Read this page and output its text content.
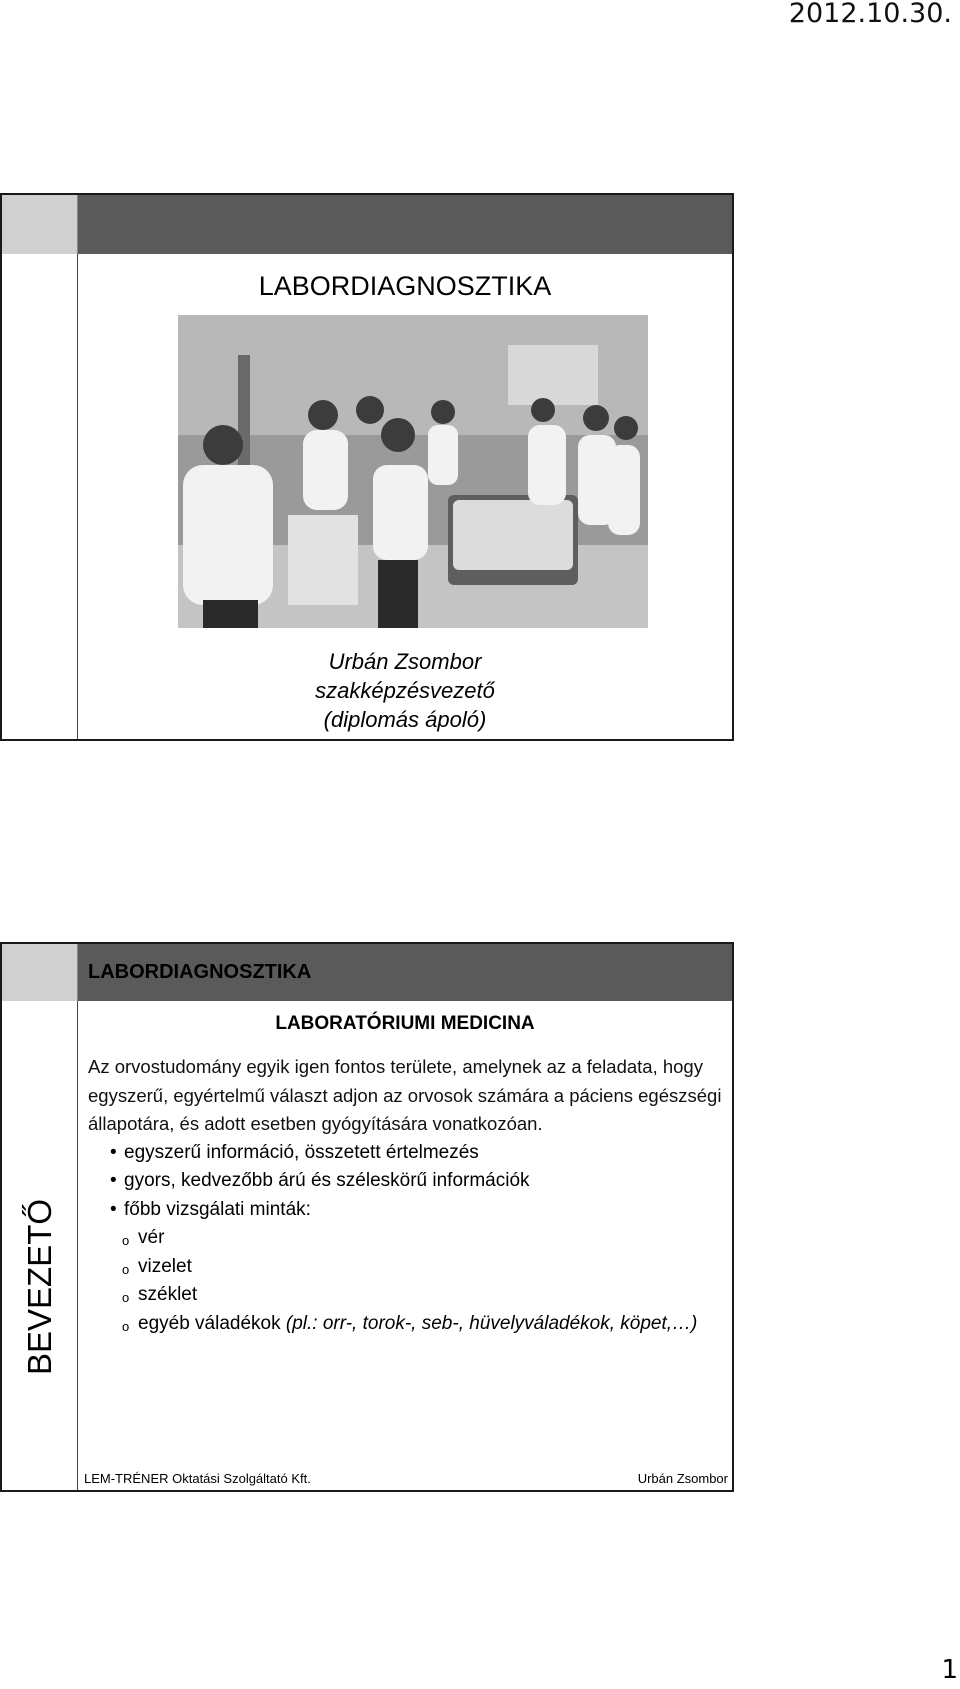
2012.10.30.
LABORDIAGNOSZTIKA
Urbán Zsombor
szakképzésvezető
(diplomás ápoló)
LABORDIAGNOSZTIKA
BEVEZETŐ
LABORATÓRIUMI MEDICINA
Az orvostudomány egyik igen fontos területe, amelynek az a feladata, hogy egyszerű, egyértelmű választ adjon az orvosok számára a páciens egészségi állapotára, és adott esetben gyógyítására vonatkozóan.
• egyszerű információ, összetett értelmezés
• gyors, kedvezőbb árú és széleskörű információk
• főbb vizsgálati minták:
o vér
o vizelet
o széklet
o egyéb váladékok (pl.: orr-, torok-, seb-, hüvelyváladékok, köpet,…)
LEM-TRÉNER Oktatási Szolgáltató Kft.	Urbán Zsombor
1
